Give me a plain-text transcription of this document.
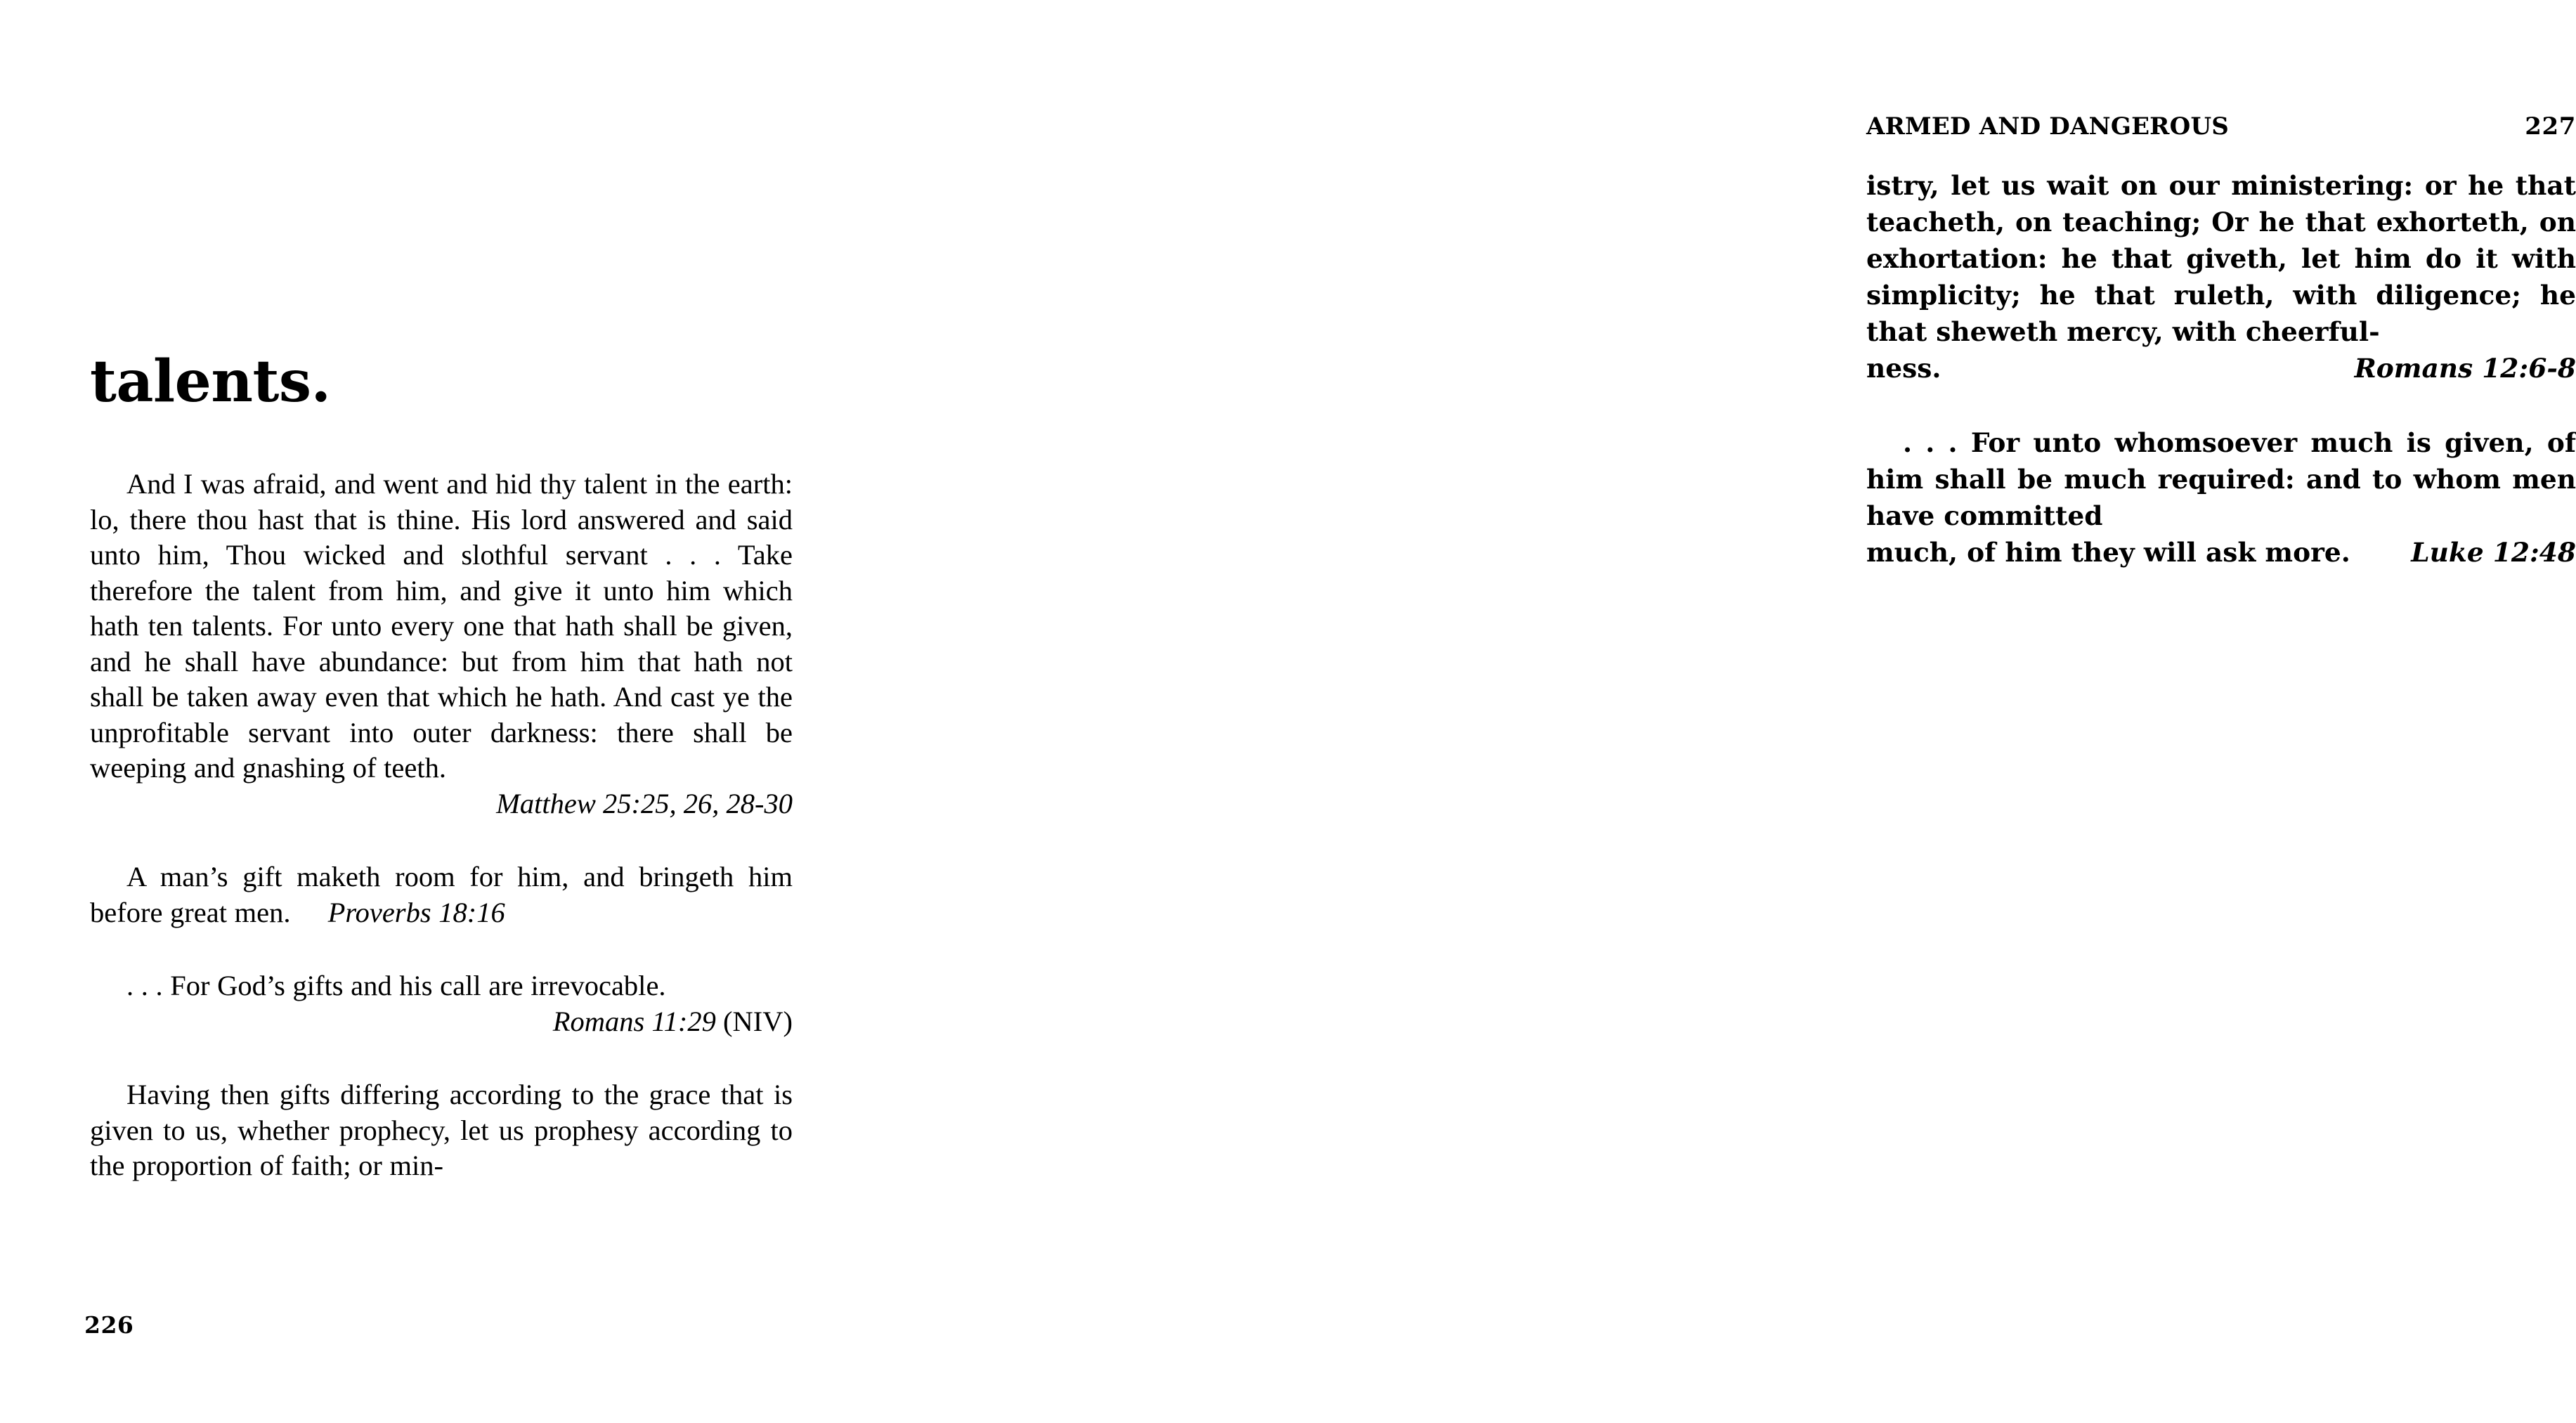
talents.

And I was afraid, and went and hid thy talent in the earth: lo, there thou hast that is thine. His lord answered and said unto him, Thou wicked and slothful servant . . . Take therefore the talent from him, and give it unto him which hath ten talents. For unto every one that hath shall be given, and he shall have abundance: but from him that hath not shall be taken away even that which he hath. And cast ye the unprofitable servant into outer darkness: there shall be weeping and gnashing of teeth.

Matthew 25:25, 26, 28-30

A man’s gift maketh room for him, and bringeth him before great men. Proverbs 18:16

. . . For God’s gifts and his call are irrevocable.

Romans 11:29 (NIV)

Having then gifts differing according to the grace that is given to us, whether prophecy, let us prophesy according to the proportion of faith; or min-

226
ARMED AND DANGEROUS	227

istry, let us wait on our ministering: or he that teacheth, on teaching; Or he that exhorteth, on exhortation: he that giveth, let him do it with simplicity; he that ruleth, with diligence; he that sheweth mercy, with cheerful-

Romans 12:6-8
ness.

. . . For unto whomsoever much is given, of him shall be much required: and to whom men have committed

Luke 12:48
much, of him they will ask more.
